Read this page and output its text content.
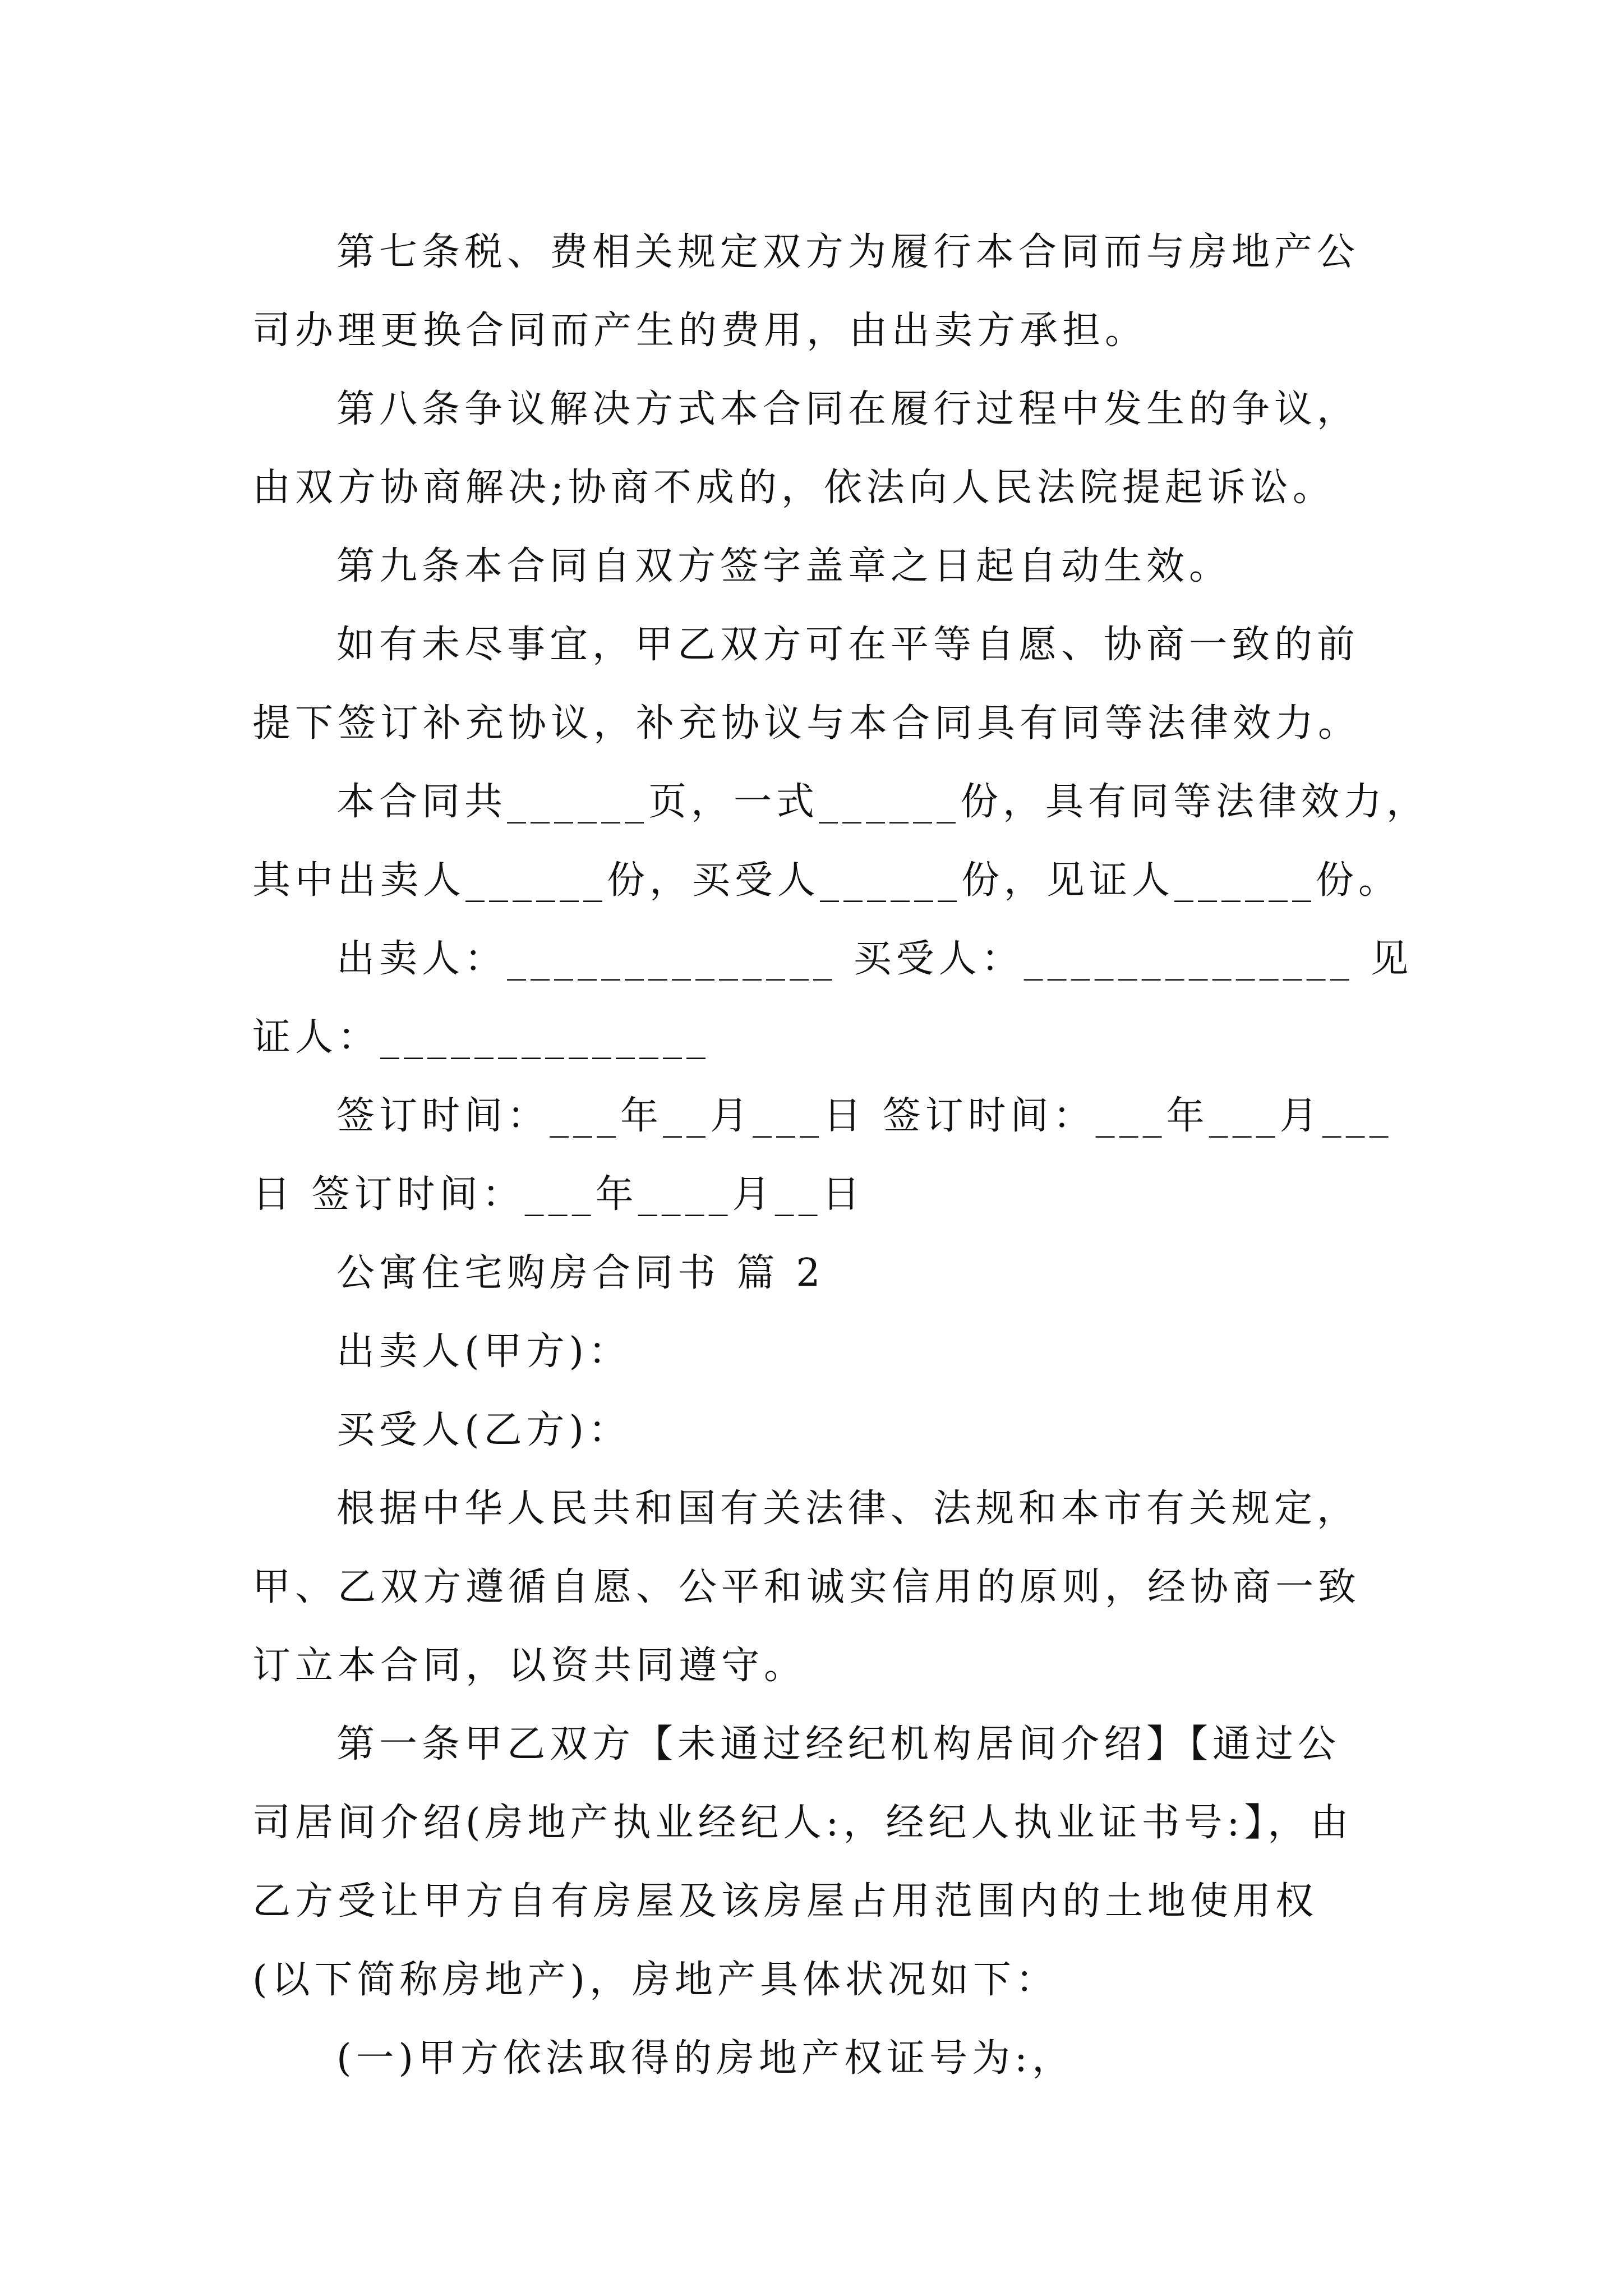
第七条税、费相关规定双方为履行本合同而与房地产公
司办理更换合同而产生的费用，由出卖方承担。
第八条争议解决方式本合同在履行过程中发生的争议，
由双方协商解决;协商不成的，依法向人民法院提起诉讼。
第九条本合同自双方签字盖章之日起自动生效。
如有未尽事宜，甲乙双方可在平等自愿、协商一致的前
提下签订补充协议，补充协议与本合同具有同等法律效力。
本合同共______页，一式______份，具有同等法律效力，
其中出卖人______份，买受人______份，见证人______份。
出卖人：______________ 买受人：______________ 见
证人：______________
签订时间：___年__月___日 签订时间：___年___月___
日 签订时间：___年____月__日
公寓住宅购房合同书 篇 2
出卖人(甲方)：
买受人(乙方)：
根据中华人民共和国有关法律、法规和本市有关规定，
甲、乙双方遵循自愿、公平和诚实信用的原则，经协商一致
订立本合同，以资共同遵守。
第一条甲乙双方【未通过经纪机构居间介绍】【通过公
司居间介绍(房地产执业经纪人:，经纪人执业证书号:】，由
乙方受让甲方自有房屋及该房屋占用范围内的土地使用权
(以下简称房地产)，房地产具体状况如下：
(一)甲方依法取得的房地产权证号为:，
